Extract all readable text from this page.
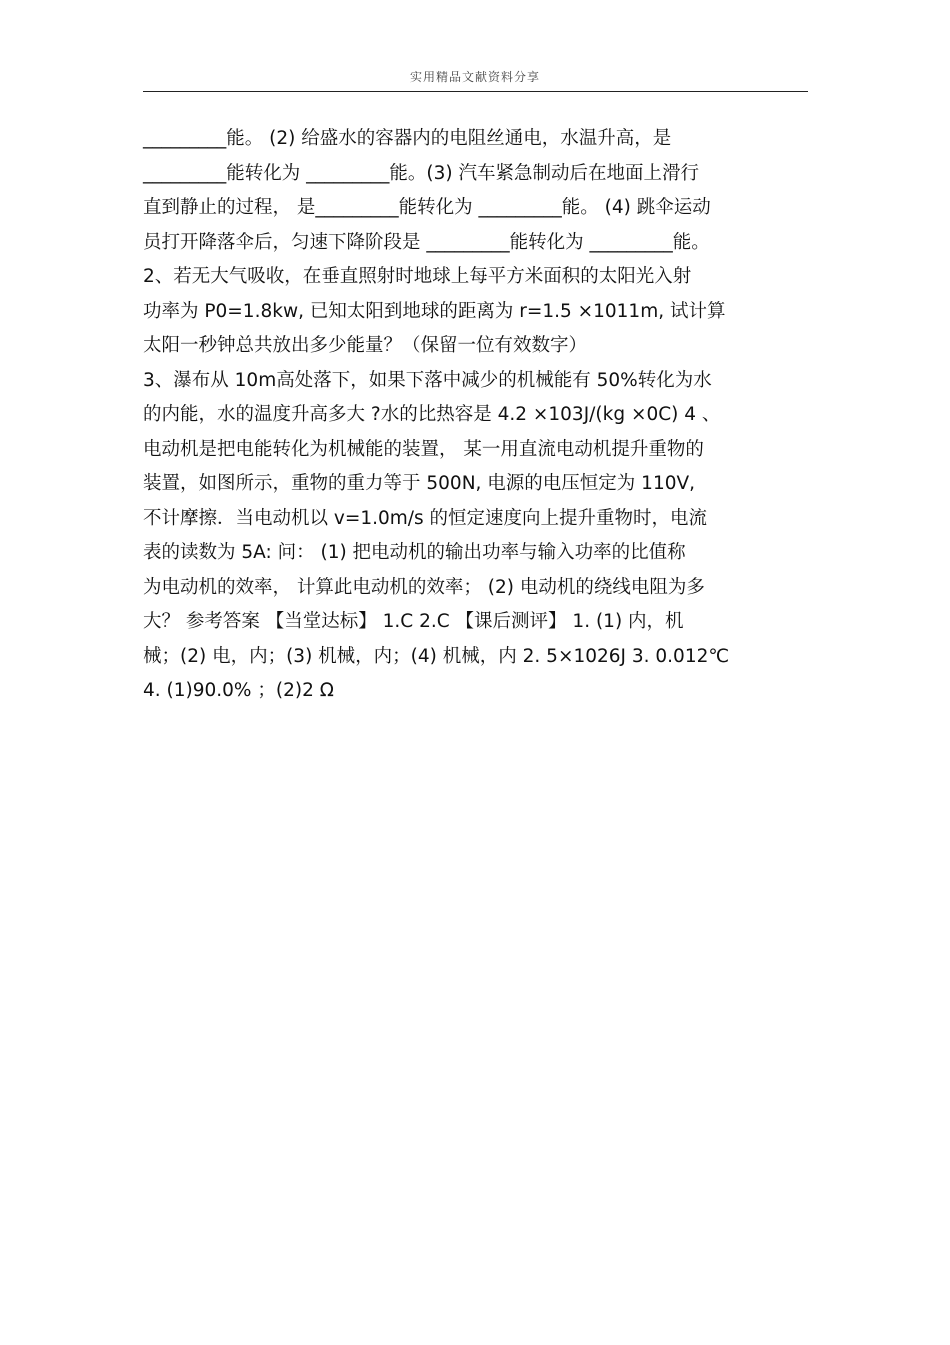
实用精品文献资料分享
_________能。 (2) 给盛水的容器内的电阻丝通电，水温升高，是
_________能转化为 _________能。(3) 汽车紧急制动后在地面上滑行
直到静止的过程， 是_________能转化为 _________能。 (4) 跳伞运动
员打开降落伞后，匀速下降阶段是 _________能转化为 _________能。
2、若无大气吸收，在垂直照射时地球上每平方米面积的太阳光入射
功率为 P0=1.8kw, 已知太阳到地球的距离为 r=1.5 ×1011m, 试计算
太阳一秒钟总共放出多少能量？（保留一位有效数字）
3、瀑布从 10m高处落下，如果下落中减少的机械能有 50%转化为水
的内能，水的温度升高多大 ?水的比热容是 4.2 ×103J/(kg ×0C) 4 、
电动机是把电能转化为机械能的装置， 某一用直流电动机提升重物的
装置，如图所示，重物的重力等于 500N, 电源的电压恒定为 110V,
不计摩擦．当电动机以 v=1.0m/s 的恒定速度向上提升重物时，电流
表的读数为 5A: 问： (1) 把电动机的输出功率与输入功率的比值称
为电动机的效率， 计算此电动机的效率； (2) 电动机的绕线电阻为多
大？ 参考答案 【当堂达标】 1.C 2.C 【课后测评】 1. (1) 内，机
械；(2) 电，内；(3) 机械，内；(4) 机械，内 2. 5×1026J 3. 0.012℃
4. (1)90.0% ；(2)2 Ω
